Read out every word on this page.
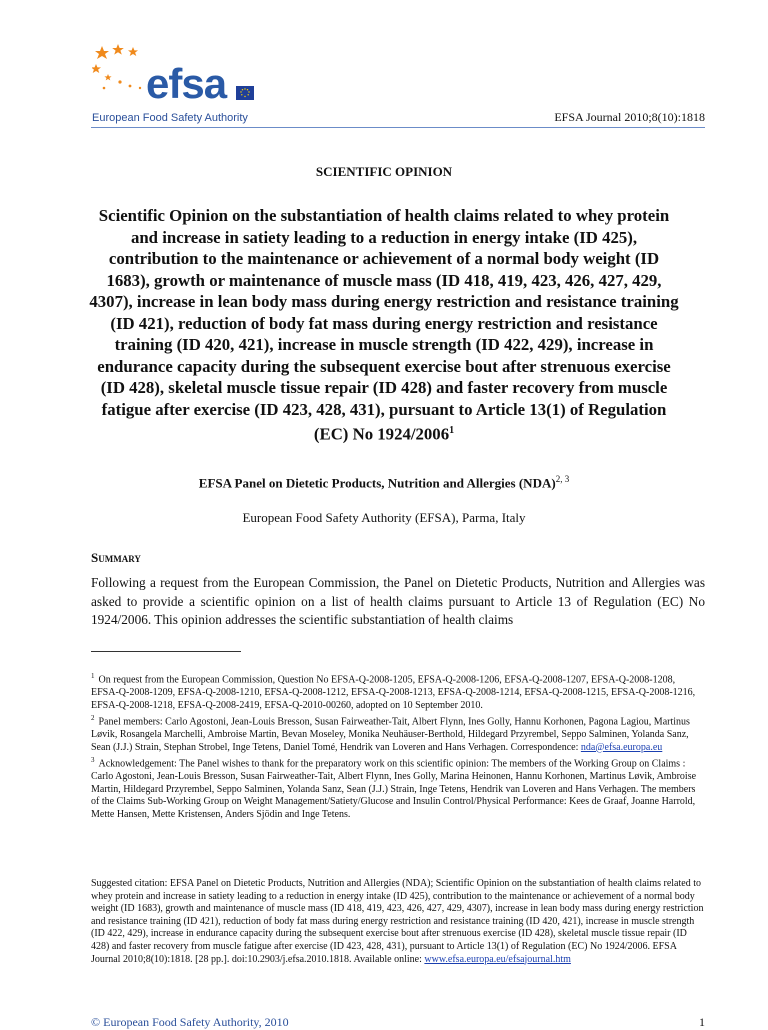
efsa
European Food Safety Authority	EFSA Journal 2010;8(10):1818
SCIENTIFIC OPINION
Scientific Opinion on the substantiation of health claims related to whey protein and increase in satiety leading to a reduction in energy intake (ID 425), contribution to the maintenance or achievement of a normal body weight (ID 1683), growth or maintenance of muscle mass (ID 418, 419, 423, 426, 427, 429, 4307), increase in lean body mass during energy restriction and resistance training (ID 421), reduction of body fat mass during energy restriction and resistance training (ID 420, 421), increase in muscle strength (ID 422, 429), increase in endurance capacity during the subsequent exercise bout after strenuous exercise (ID 428), skeletal muscle tissue repair (ID 428) and faster recovery from muscle fatigue after exercise (ID 423, 428, 431), pursuant to Article 13(1) of Regulation (EC) No 1924/2006$^1$
EFSA Panel on Dietetic Products, Nutrition and Allergies (NDA)$^{2, 3}$
European Food Safety Authority (EFSA), Parma, Italy
Summary

Following a request from the European Commission, the Panel on Dietetic Products, Nutrition and Allergies was asked to provide a scientific opinion on a list of health claims pursuant to Article 13 of Regulation (EC) No 1924/2006. This opinion addresses the scientific substantiation of health claims

$^1$ On request from the European Commission, Question No EFSA-Q-2008-1205, EFSA-Q-2008-1206, EFSA-Q-2008-1207, EFSA-Q-2008-1208, EFSA-Q-2008-1209, EFSA-Q-2008-1210, EFSA-Q-2008-1212, EFSA-Q-2008-1213, EFSA-Q-2008-1214, EFSA-Q-2008-1215, EFSA-Q-2008-1216, EFSA-Q-2008-1218, EFSA-Q-2008-2419, EFSA-Q-2010-00260, adopted on 10 September 2010.

$^2$ Panel members: Carlo Agostoni, Jean-Louis Bresson, Susan Fairweather-Tait, Albert Flynn, Ines Golly, Hannu Korhonen, Pagona Lagiou, Martinus Løvik, Rosangela Marchelli, Ambroise Martin, Bevan Moseley, Monika Neuhäuser-Berthold, Hildegard Przyrembel, Seppo Salminen, Yolanda Sanz, Sean (J.J.) Strain, Stephan Strobel, Inge Tetens, Daniel Tomé, Hendrik van Loveren and Hans Verhagen. Correspondence: nda@efsa.europa.eu

$^3$ Acknowledgement: The Panel wishes to thank for the preparatory work on this scientific opinion: The members of the Working Group on Claims : Carlo Agostoni, Jean-Louis Bresson, Susan Fairweather-Tait, Albert Flynn, Ines Golly, Marina Heinonen, Hannu Korhonen, Martinus Løvik, Ambroise Martin, Hildegard Przyrembel, Seppo Salminen, Yolanda Sanz, Sean (J.J.) Strain, Inge Tetens, Hendrik van Loveren and Hans Verhagen. The members of the Claims Sub-Working Group on Weight Management/Satiety/Glucose and Insulin Control/Physical Performance: Kees de Graaf, Joanne Harrold, Mette Hansen, Mette Kristensen, Anders Sjödin and Inge Tetens.

Suggested citation: EFSA Panel on Dietetic Products, Nutrition and Allergies (NDA); Scientific Opinion on the substantiation of health claims related to whey protein and increase in satiety leading to a reduction in energy intake (ID 425), contribution to the maintenance or achievement of a normal body weight (ID 1683), growth and maintenance of muscle mass (ID 418, 419, 423, 426, 427, 429, 4307), increase in lean body mass during energy restriction and resistance training (ID 421), reduction of body fat mass during energy restriction and resistance training (ID 420, 421), increase in muscle strength (ID 422, 429), increase in endurance capacity during the subsequent exercise bout after strenuous exercise (ID 428), skeletal muscle tissue repair (ID 428) and faster recovery from muscle fatigue after exercise (ID 423, 428, 431), pursuant to Article 13(1) of Regulation (EC) No 1924/2006. EFSA Journal 2010;8(10):1818. [28 pp.]. doi:10.2903/j.efsa.2010.1818. Available online: www.efsa.europa.eu/efsajournal.htm

© European Food Safety Authority, 2010	1
